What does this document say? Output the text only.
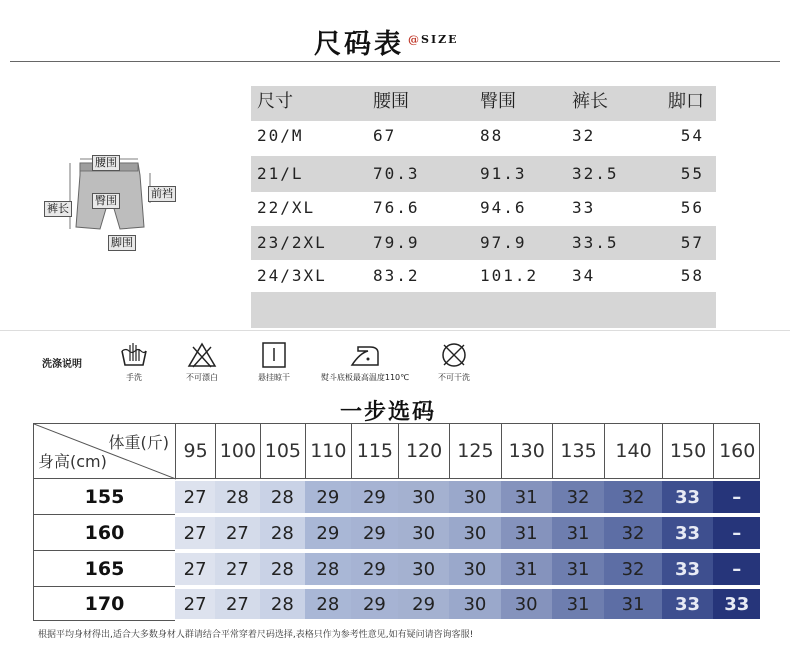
尺码表 @SIZE
腰围
臀围
前裆
裤长
脚围
尺寸	腰围	臀围	裤长	脚口
20/M	67	88	32	54
21/L	70.3	91.3	32.5	55
22/XL	76.6	94.6	33	56
23/2XL	79.9	97.9	33.5	57
24/3XL	83.2	101.2	34	58
洗涤说明
手洗	不可漂白	悬挂晾干	熨斗底板最高温度110℃	不可干洗
一步选码
体重(斤)
身高(cm)	95 100 105 110 115 120 125 130 135 140 150 160
155	27	28	28	29	29	30	30	31	32	32	33	–
160	27	27	28	29	29	30	30	31	31	32	33	–
165	27	27	28	28	29	30	30	31	31	32	33	–
170	27	27	28	28	29	29	30	30	31	31	33	33
根据平均身材得出,适合大多数身材人群请结合平常穿着尺码选择,表格只作为参考性意见,如有疑问请咨询客服!
